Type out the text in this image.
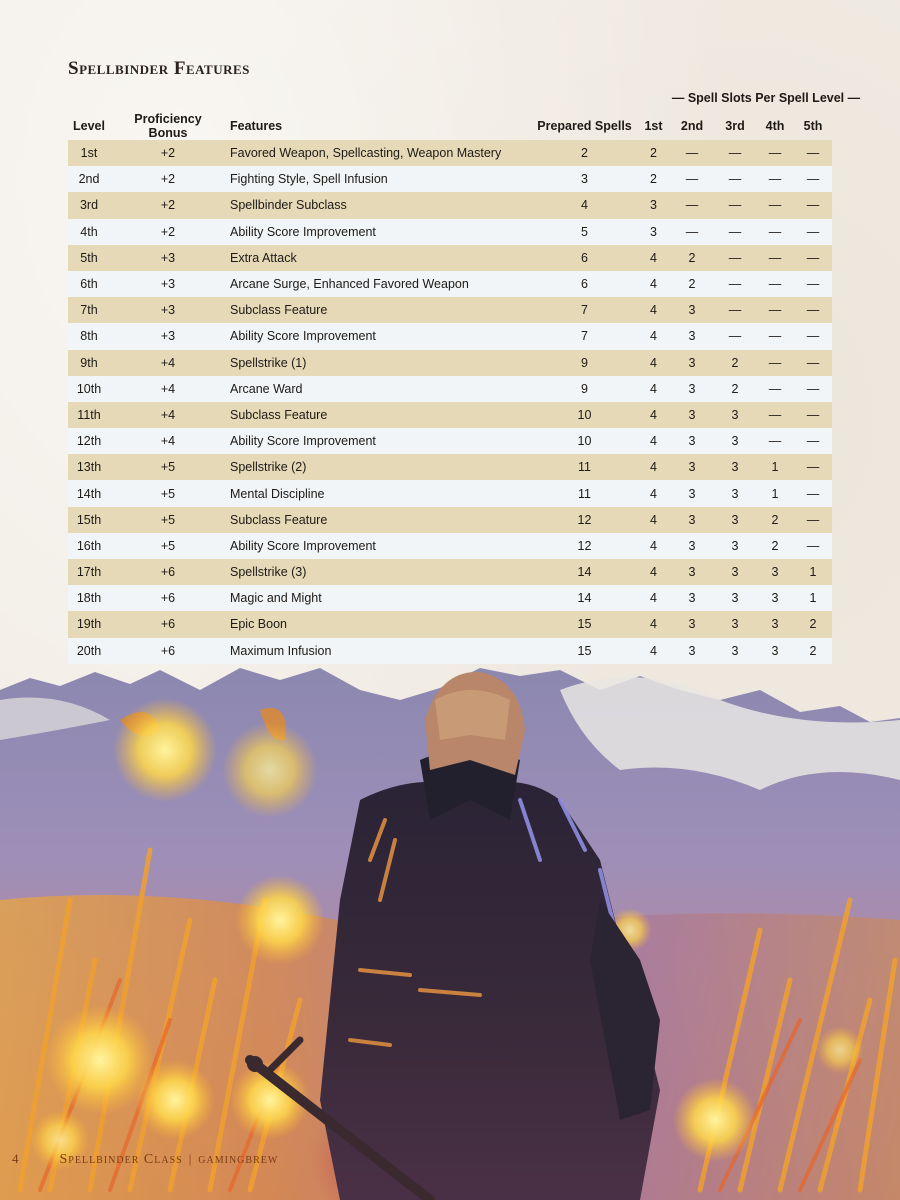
Spellbinder Features
— Spell Slots Per Spell Level —
Level	Proficiency Bonus	Features	Prepared Spells	1st	2nd	3rd	4th	5th
1st	+2	Favored Weapon, Spellcasting, Weapon Mastery	2	2	—	—	—	—
2nd	+2	Fighting Style, Spell Infusion	3	2	—	—	—	—
3rd	+2	Spellbinder Subclass	4	3	—	—	—	—
4th	+2	Ability Score Improvement	5	3	—	—	—	—
5th	+3	Extra Attack	6	4	2	—	—	—
6th	+3	Arcane Surge, Enhanced Favored Weapon	6	4	2	—	—	—
7th	+3	Subclass Feature	7	4	3	—	—	—
8th	+3	Ability Score Improvement	7	4	3	—	—	—
9th	+4	Spellstrike (1)	9	4	3	2	—	—
10th	+4	Arcane Ward	9	4	3	2	—	—
11th	+4	Subclass Feature	10	4	3	3	—	—
12th	+4	Ability Score Improvement	10	4	3	3	—	—
13th	+5	Spellstrike (2)	11	4	3	3	1	—
14th	+5	Mental Discipline	11	4	3	3	1	—
15th	+5	Subclass Feature	12	4	3	3	2	—
16th	+5	Ability Score Improvement	12	4	3	3	2	—
17th	+6	Spellstrike (3)	14	4	3	3	3	1
18th	+6	Magic and Might	14	4	3	3	3	1
19th	+6	Epic Boon	15	4	3	3	3	2
20th	+6	Maximum Infusion	15	4	3	3	3	2
4	Spellbinder Class | gamingbrew
